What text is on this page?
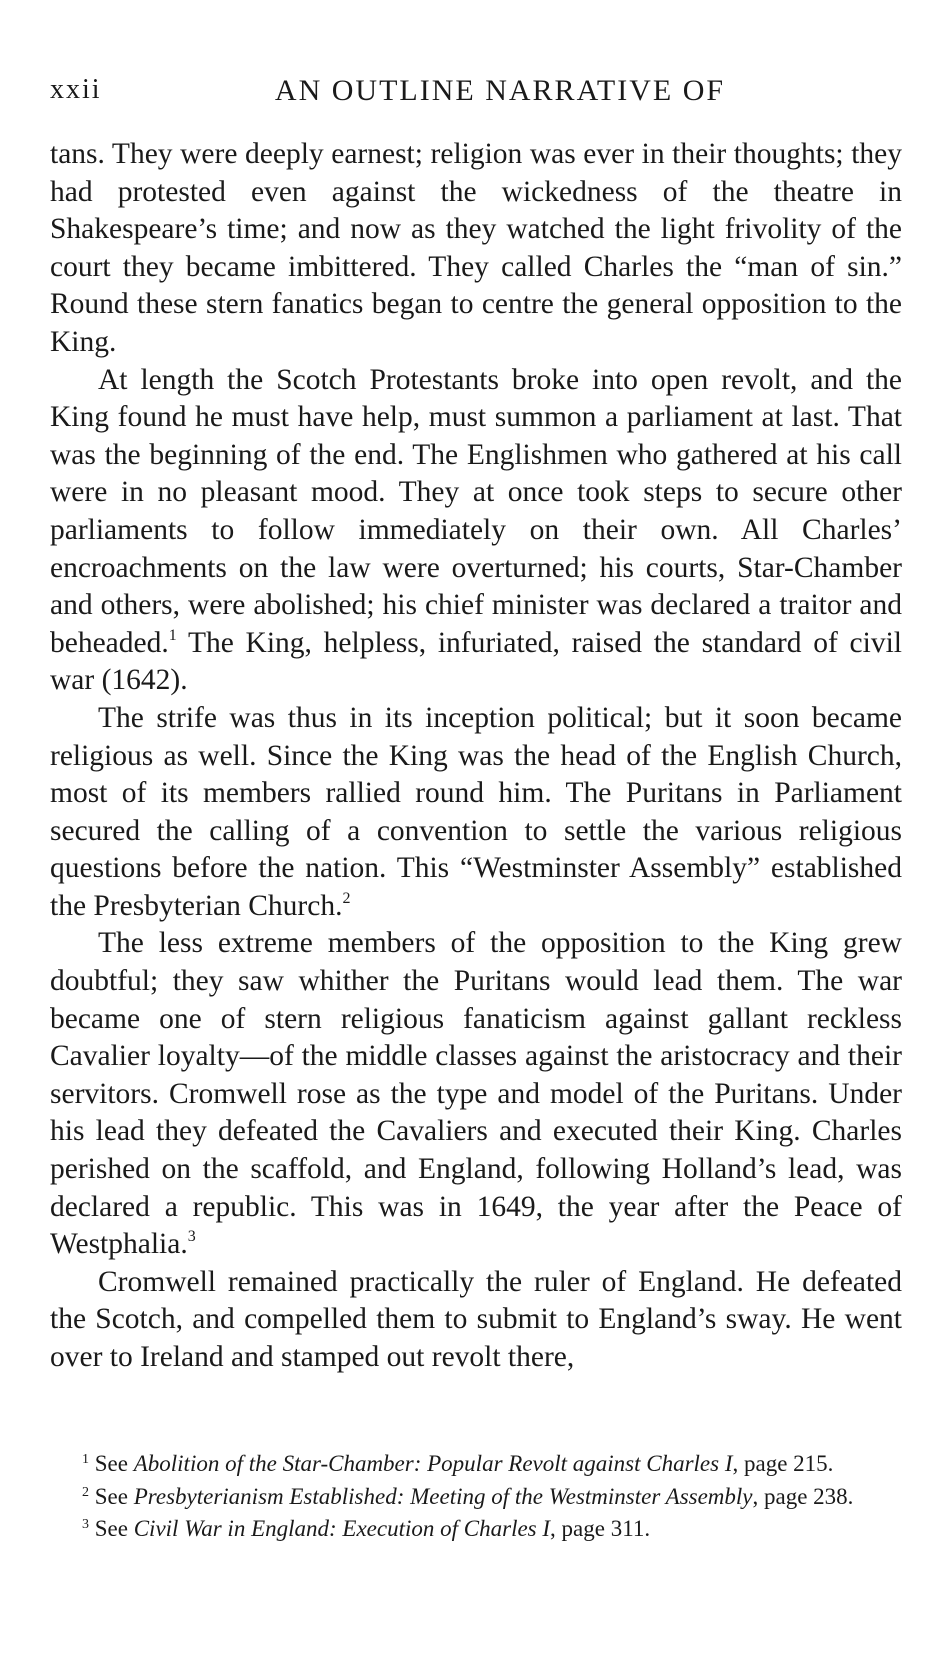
xxii	AN OUTLINE NARRATIVE OF

tans. They were deeply earnest; religion was ever in their thoughts; they had protested even against the wickedness of the theatre in Shakespeare’s time; and now as they watched the light frivolity of the court they became imbittered. They called Charles the “man of sin.” Round these stern fanatics began to centre the general opposition to the King.

At length the Scotch Protestants broke into open revolt, and the King found he must have help, must summon a parliament at last. That was the beginning of the end. The Englishmen who gathered at his call were in no pleasant mood. They at once took steps to secure other parliaments to follow immediately on their own. All Charles’ encroachments on the law were overturned; his courts, Star-Chamber and others, were abolished; his chief minister was declared a traitor and beheaded.$^1$ The King, helpless, infuriated, raised the standard of civil war (1642).

The strife was thus in its inception political; but it soon became religious as well. Since the King was the head of the English Church, most of its members rallied round him. The Puritans in Parliament secured the calling of a convention to settle the various religious questions before the nation. This “Westminster Assembly” established the Presbyterian Church.$^2$

The less extreme members of the opposition to the King grew doubtful; they saw whither the Puritans would lead them. The war became one of stern religious fanaticism against gallant reckless Cavalier loyalty—of the middle classes against the aristocracy and their servitors. Cromwell rose as the type and model of the Puritans. Under his lead they defeated the Cavaliers and executed their King. Charles perished on the scaffold, and England, following Holland’s lead, was declared a republic. This was in 1649, the year after the Peace of Westphalia.$^3$

Cromwell remained practically the ruler of England. He defeated the Scotch, and compelled them to submit to England’s sway. He went over to Ireland and stamped out revolt there,

$^1$ See Abolition of the Star-Chamber: Popular Revolt against Charles I, page 215.

$^2$ See Presbyterianism Established: Meeting of the Westminster Assembly, page 238.

$^3$ See Civil War in England: Execution of Charles I, page 311.
